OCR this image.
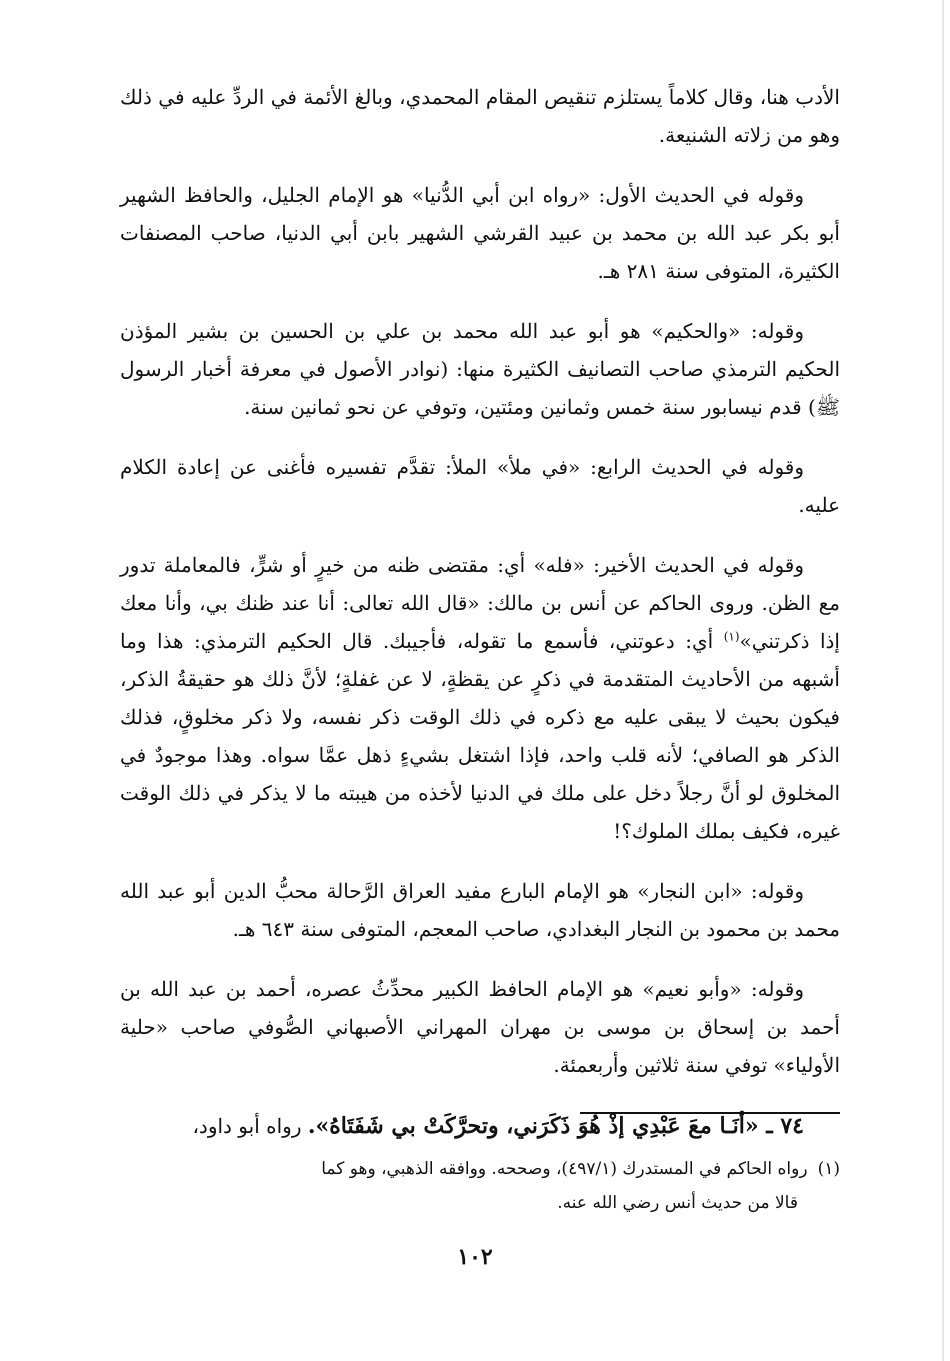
الأدب هنا، وقال كلاماً يستلزم تنقيص المقام المحمدي، وبالغ الأئمة في الردِّ عليه في ذلك وهو من زلاته الشنيعة.

وقوله في الحديث الأول: «رواه ابن أبي الدُّنيا» هو الإمام الجليل، والحافظ الشهير أبو بكر عبد الله بن محمد بن عبيد القرشي الشهير بابن أبي الدنيا، صاحب المصنفات الكثيرة، المتوفى سنة ٢٨١ هـ.

وقوله: «والحكيم» هو أبو عبد الله محمد بن علي بن الحسين بن بشير المؤذن الحكيم الترمذي صاحب التصانيف الكثيرة منها: (نوادر الأصول في معرفة أخبار الرسول ﷺ) قدم نيسابور سنة خمس وثمانين ومئتين، وتوفي عن نحو ثمانين سنة.

وقوله في الحديث الرابع: «في ملأ» الملأ: تقدَّم تفسيره فأغنى عن إعادة الكلام عليه.

وقوله في الحديث الأخير: «فله» أي: مقتضى ظنه من خيرٍ أو شرٍّ، فالمعاملة تدور مع الظن. وروى الحاكم عن أنس بن مالك: «قال الله تعالى: أنا عند ظنك بي، وأنا معك إذا ذكرتني»$^{(١)}$ أي: دعوتني، فأسمع ما تقوله، فأجيبك. قال الحكيم الترمذي: هذا وما أشبهه من الأحاديث المتقدمة في ذكرٍ عن يقظةٍ، لا عن غفلةٍ؛ لأنَّ ذلك هو حقيقةُ الذكر، فيكون بحيث لا يبقى عليه مع ذكره في ذلك الوقت ذكر نفسه، ولا ذكر مخلوقٍ، فذلك الذكر هو الصافي؛ لأنه قلب واحد، فإذا اشتغل بشيءٍ ذهل عمَّا سواه. وهذا موجودٌ في المخلوق لو أنَّ رجلاً دخل على ملك في الدنيا لأخذه من هيبته ما لا يذكر في ذلك الوقت غيره، فكيف بملك الملوك؟!

وقوله: «ابن النجار» هو الإمام البارع مفيد العراق الرَّحالة محبُّ الدين أبو عبد الله محمد بن محمود بن النجار البغدادي، صاحب المعجم، المتوفى سنة ٦٤٣ هـ.

وقوله: «وأبو نعيم» هو الإمام الحافظ الكبير محدِّثُ عصره، أحمد بن عبد الله بن أحمد بن إسحاق بن موسى بن مهران المهراني الأصبهاني الصُّوفي صاحب «حلية الأولياء» توفي سنة ثلاثين وأربعمئة.

٧٤ ـ «أنَـا معَ عَبْدِي إذْ هُوَ ذَكَرَني، وتحرَّكَتْ بي شَفَتَاهُ». رواه أبو داود،

(١)رواه الحاكم في المستدرك (٤٩٧/١)، وصححه. ووافقه الذهبي، وهو كما
قالا من حديث أنس رضي الله عنه.
١٠٢
